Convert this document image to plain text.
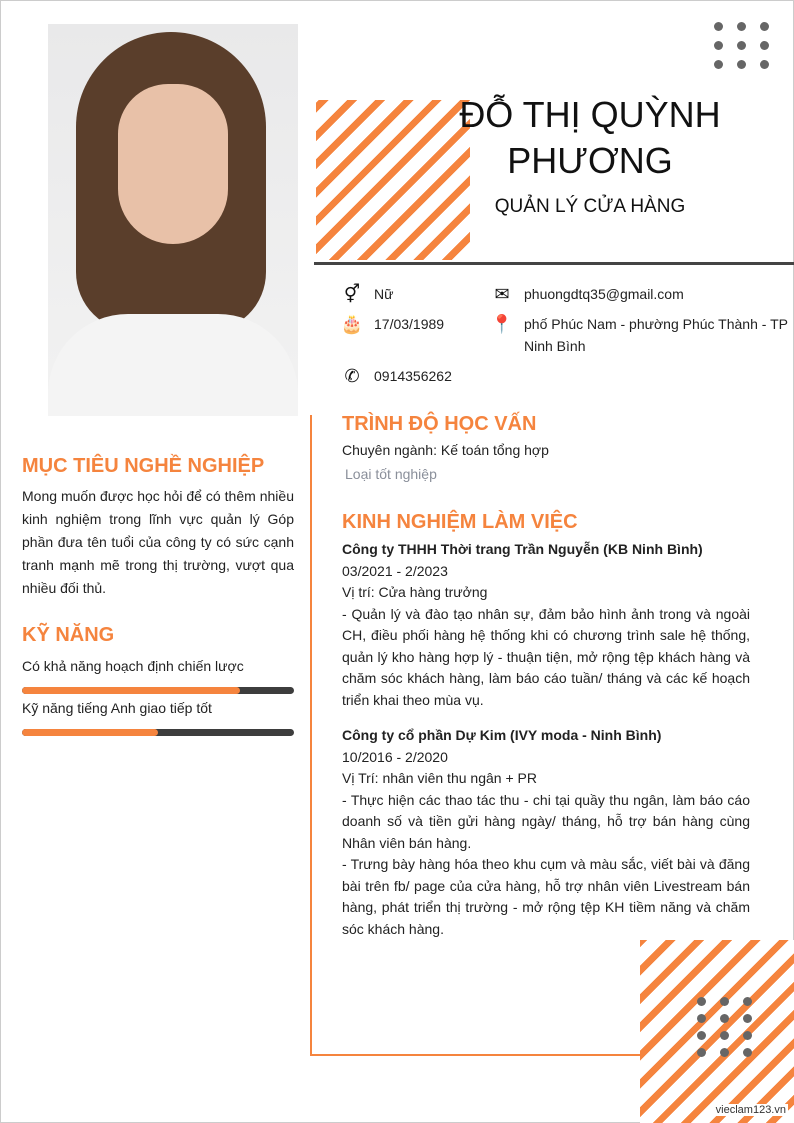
ĐỖ THỊ QUỲNH PHƯƠNG
QUẢN LÝ CỬA HÀNG
⚥ Nữ
🎂 17/03/1989
✆	0914356262
✉	phuongdtq35@gmail.com
📍 phố Phúc Nam - phường Phúc Thành - TP Ninh Bình
MỤC TIÊU NGHỀ NGHIỆP
Mong muốn được học hỏi để có thêm nhiều kinh nghiệm trong lĩnh vực quản lý Góp phần đưa tên tuổi của công ty có sức cạnh tranh mạnh mẽ trong thị trường, vượt qua nhiều đối thủ.
KỸ NĂNG
Có khả năng hoạch định chiến lược
Kỹ năng tiếng Anh giao tiếp tốt
TRÌNH ĐỘ HỌC VẤN
Chuyên ngành: Kế toán tổng hợp
Loại tốt nghiệp
KINH NGHIỆM LÀM VIỆC
Công ty THHH Thời trang Trần Nguyễn (KB Ninh Bình)
03/2021 - 2/2023
Vị trí: Cửa hàng trưởng
- Quản lý và đào tạo nhân sự, đảm bảo hình ảnh trong và ngoài CH, điều phối hàng hệ thống khi có chương trình sale hệ thống, quản lý kho hàng hợp lý - thuận tiện, mở rộng tệp khách hàng và chăm sóc khách hàng, làm báo cáo tuần/ tháng và các kế hoạch triển khai theo mùa vụ.
Công ty cổ phần Dự Kim (IVY moda - Ninh Bình)
10/2016 - 2/2020
Vị Trí: nhân viên thu ngân + PR
- Thực hiện các thao tác thu - chi tại quầy thu ngân, làm báo cáo doanh số và tiền gửi hàng ngày/ tháng, hỗ trợ bán hàng cùng Nhân viên bán hàng.
- Trưng bày hàng hóa theo khu cụm và màu sắc, viết bài và đăng bài trên fb/ page của cửa hàng, hỗ trợ nhân viên Livestream bán hàng, phát triển thị trường - mở rộng tệp KH tiềm năng và chăm sóc khách hàng.
vieclam123.vn
